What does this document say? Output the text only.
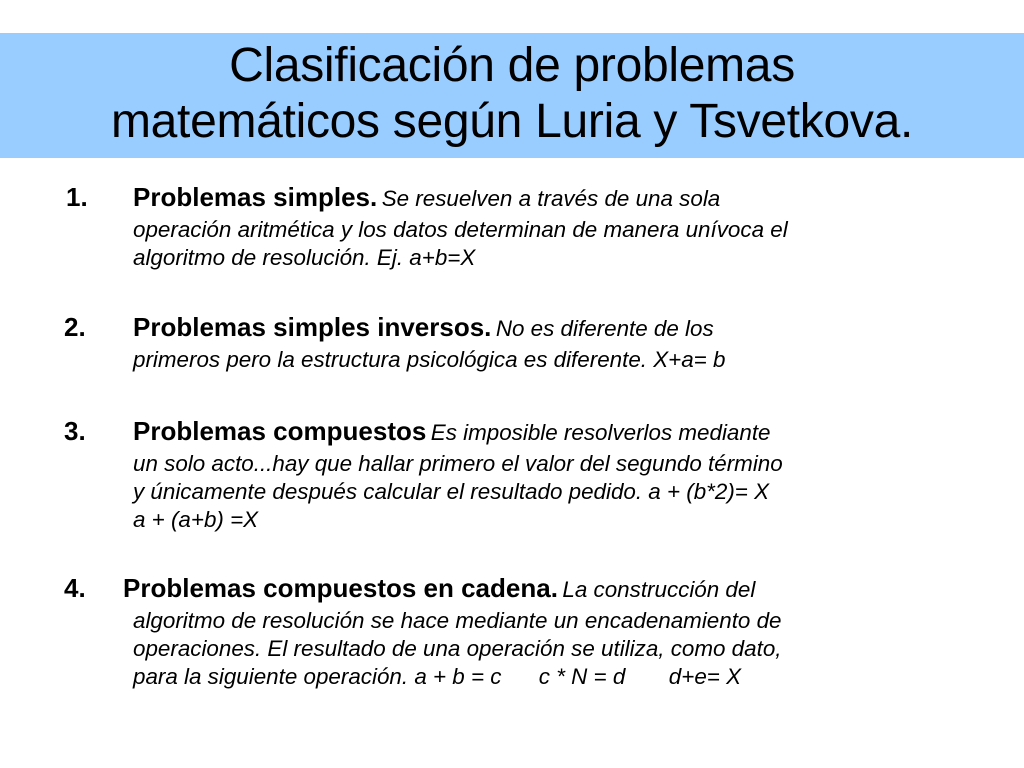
Clasificación de problemas
matemáticos según Luria y Tsvetkova.
1. Problemas simples. Se resuelven a través de una sola
operación aritmética y los datos determinan de manera unívoca el
algoritmo de resolución. Ej. a+b=X

2. Problemas simples inversos. No es diferente de los
primeros pero la estructura psicológica es diferente. X+a= b

3. Problemas compuestos Es imposible resolverlos mediante
un solo acto...hay que hallar primero el valor del segundo término
y únicamente después calcular el resultado pedido. a + (b*2)= X
a + (a+b) =X

4. Problemas compuestos en cadena. La construcción del
algoritmo de resolución se hace mediante un encadenamiento de
operaciones. El resultado de una operación se utiliza, como dato,
para la siguiente operación. a + b = c      c * N = d       d+e= X
